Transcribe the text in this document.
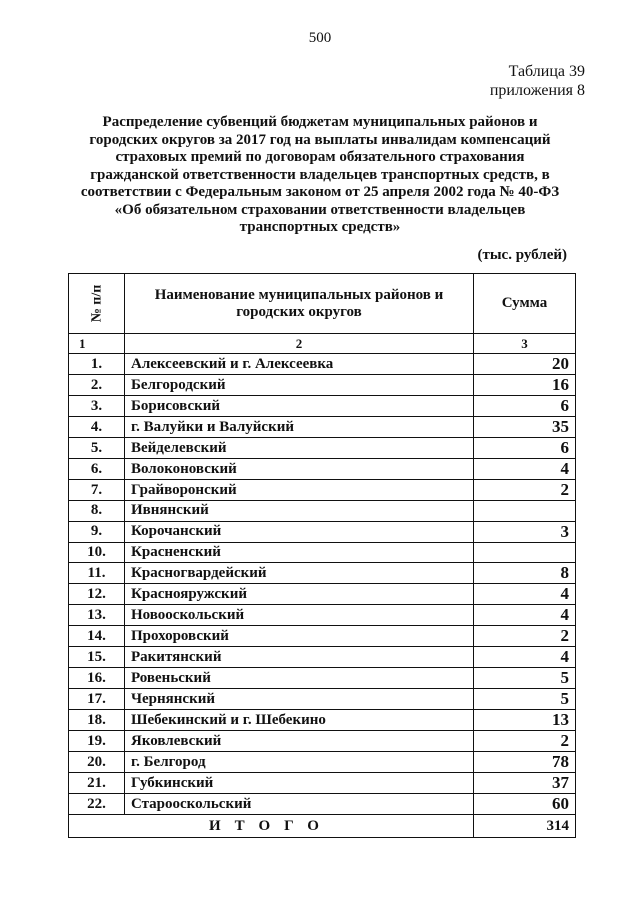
500
Таблица 39
приложения 8
Распределение субвенций бюджетам муниципальных районов и городских округов за 2017 год на выплаты инвалидам компенсаций страховых премий по договорам обязательного страхования гражданской ответственности владельцев транспортных средств, в соответствии с Федеральным законом от 25 апреля 2002 года № 40-ФЗ «Об обязательном страховании ответственности владельцев транспортных средств»
(тыс. рублей)
№ п/п	Наименование муниципальных районов и городских округов	Сумма
1	2	3
1.	Алексеевский и г. Алексеевка	20
2.	Белгородский	16
3.	Борисовский	6
4.	г. Валуйки и Валуйский	35
5.	Вейделевский	6
6.	Волоконовский	4
7.	Грайворонский	2
8.	Ивнянский	
9.	Корочанский	3
10.	Красненский	
11.	Красногвардейский	8
12.	Краснояружский	4
13.	Новооскольский	4
14.	Прохоровский	2
15.	Ракитянский	4
16.	Ровеньский	5
17.	Чернянский	5
18.	Шебекинский и г. Шебекино	13
19.	Яковлевский	2
20.	г. Белгород	78
21.	Губкинский	37
22.	Старооскольский	60
ИТОГО		314
